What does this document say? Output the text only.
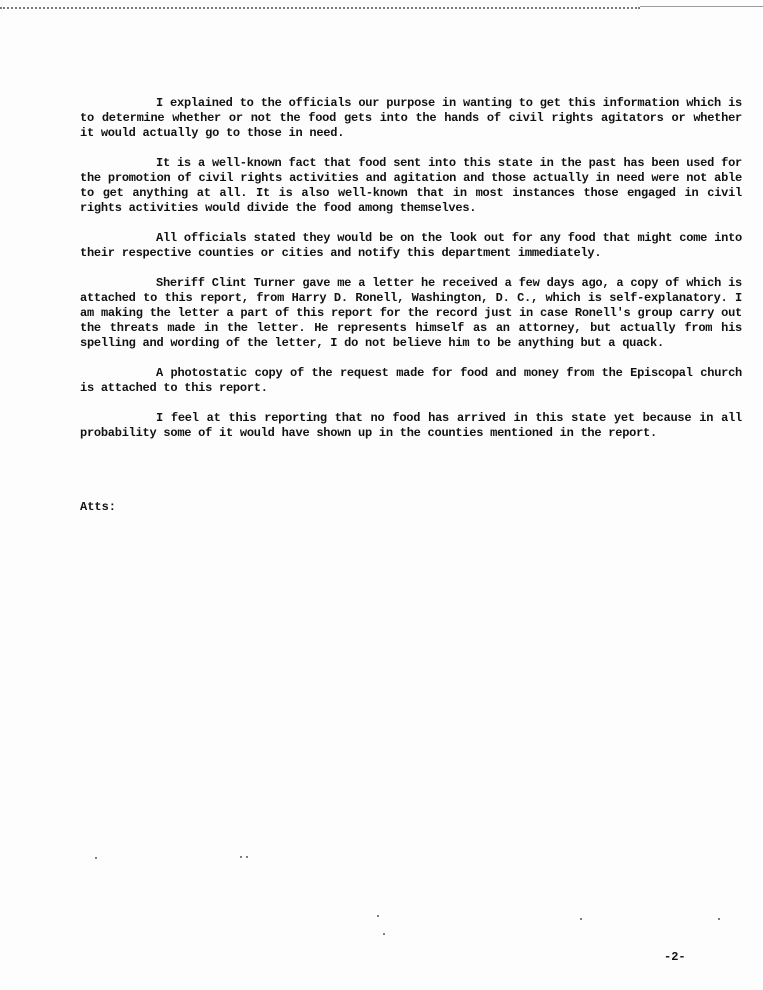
I explained to the officials our purpose in wanting to get this information which is to determine whether or not the food gets into the hands of civil rights agitators or whether it would actually go to those in need.

It is a well-known fact that food sent into this state in the past has been used for the promotion of civil rights activities and agitation and those actually in need were not able to get anything at all. It is also well-known that in most instances those engaged in civil rights activities would divide the food among themselves.

All officials stated they would be on the look out for any food that might come into their respective counties or cities and notify this department immediately.

Sheriff Clint Turner gave me a letter he received a few days ago, a copy of which is attached to this report, from Harry D. Ronell, Washington, D. C., which is self-explanatory. I am making the letter a part of this report for the record just in case Ronell's group carry out the threats made in the letter. He represents himself as an attorney, but actually from his spelling and wording of the letter, I do not believe him to be anything but a quack.

A photostatic copy of the request made for food and money from the Episcopal church is attached to this report.

I feel at this reporting that no food has arrived in this state yet because in all probability some of it would have shown up in the counties mentioned in the report.

Atts:
-2-
